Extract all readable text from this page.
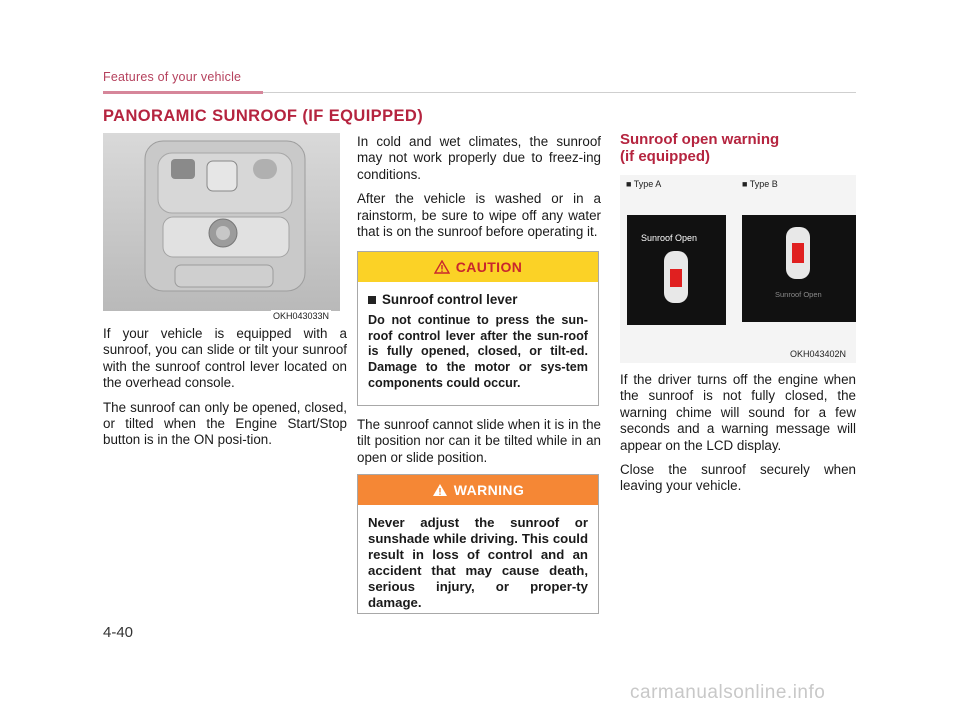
Features of your vehicle
PANORAMIC SUNROOF (IF EQUIPPED)
OKH043033N

If your vehicle is equipped with a sunroof, you can slide or tilt your sunroof with the sunroof control lever located on the overhead console.

The sunroof can only be opened, closed, or tilted when the Engine Start/Stop button is in the ON posi-tion.

In cold and wet climates, the sunroof may not work properly due to freez-ing conditions.

After the vehicle is washed or in a rainstorm, be sure to wipe off any water that is on the sunroof before operating it.

CAUTION
Sunroof control lever
Do not continue to press the sun-roof control lever after the sun-roof is fully opened, closed, or tilt-ed. Damage to the motor or sys-tem components could occur.
The sunroof cannot slide when it is in the tilt position nor can it be tilted while in an open or slide position.
WARNING
Never adjust the sunroof or sunshade while driving. This could result in loss of control and an accident that may cause death, serious injury, or proper-ty damage.
Sunroof open warning
(if equipped)
■ Type A	■ Type B
Sunroof Open
Sunroof Open
OKH043402N

If the driver turns off the engine when the sunroof is not fully closed, the warning chime will sound for a few seconds and a warning message will appear on the LCD display.

Close the sunroof securely when leaving your vehicle.

4-40
carmanualsonline.info
